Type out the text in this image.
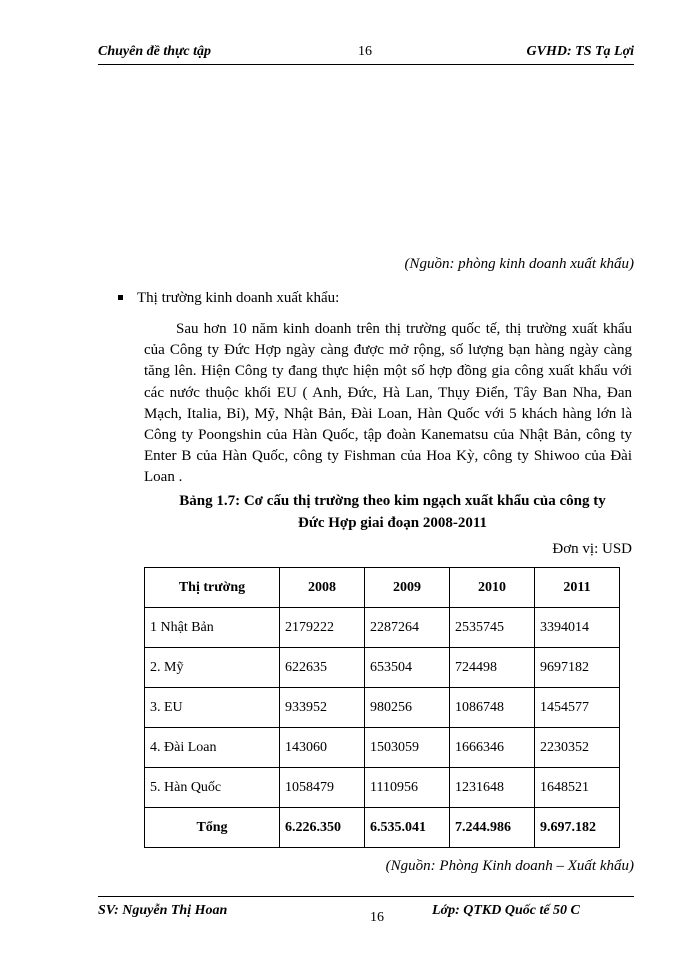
Chuyên đề thực tập	16	GVHD: TS Tạ Lợi
(Nguồn: phòng kinh doanh xuất khẩu)
Thị trường kinh doanh xuất khẩu:
Sau hơn 10 năm kinh doanh trên thị trường quốc tế, thị trường xuất khẩu của Công ty Đức Hợp ngày càng được mở rộng, số lượng bạn hàng ngày càng tăng lên. Hiện Công ty đang thực hiện một số hợp đồng gia công xuất khẩu với các nước thuộc khối EU ( Anh, Đức, Hà Lan, Thụy Điển, Tây Ban Nha, Đan Mạch, Italia, Bỉ), Mỹ, Nhật Bản, Đài Loan, Hàn Quốc với 5 khách hàng lớn là Công ty Poongshin của Hàn Quốc, tập đoàn Kanematsu của Nhật Bản, công ty Enter B của Hàn Quốc, công ty Fishman của Hoa Kỳ, công ty Shiwoo của Đài Loan .
Bảng 1.7: Cơ cấu thị trường theo kim ngạch xuất khẩu của công ty
Đức Hợp giai đoạn 2008-2011
Đơn vị: USD
Thị trường	2008	2009	2010	2011
1 Nhật Bản	2179222	2287264	2535745	3394014
2. Mỹ	622635	653504	724498	9697182
3. EU	933952	980256	1086748	1454577
4. Đài Loan	143060	1503059	1666346	2230352
5. Hàn Quốc	1058479	1110956	1231648	1648521
Tổng	6.226.350	6.535.041	7.244.986	9.697.182
(Nguồn: Phòng Kinh doanh – Xuất khẩu)
SV: Nguyễn Thị Hoan	16	Lớp: QTKD Quốc tế 50 C
